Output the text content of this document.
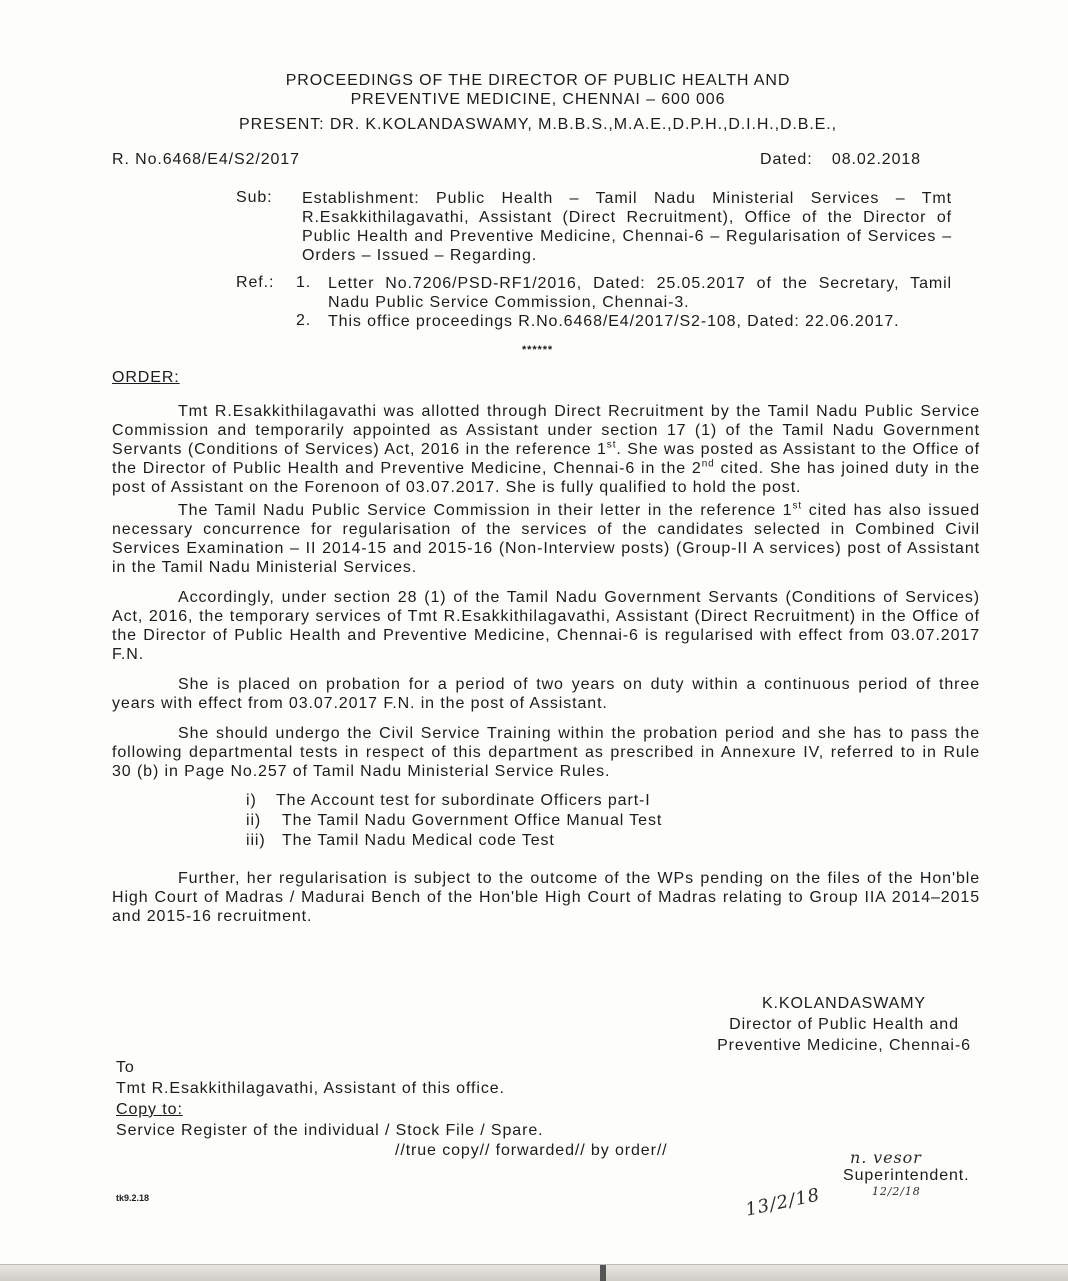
PROCEEDINGS OF THE DIRECTOR OF PUBLIC HEALTH AND
PREVENTIVE MEDICINE, CHENNAI – 600 006
PRESENT: DR. K.KOLANDASWAMY, M.B.B.S.,M.A.E.,D.P.H.,D.I.H.,D.B.E.,
R. No.6468/E4/S2/2017	Dated: 08.02.2018
Sub:	Establishment: Public Health – Tamil Nadu Ministerial Services – Tmt R.Esakkithilagavathi, Assistant (Direct Recruitment), Office of the Director of Public Health and Preventive Medicine, Chennai-6 – Regularisation of Services – Orders – Issued – Regarding.
Ref.:	1.	Letter No.7206/PSD-RF1/2016, Dated: 25.05.2017 of the Secretary, Tamil Nadu Public Service Commission, Chennai-3.
2.	This office proceedings R.No.6468/E4/2017/S2-108, Dated: 22.06.2017.
******
ORDER:
Tmt R.Esakkithilagavathi was allotted through Direct Recruitment by the Tamil Nadu Public Service Commission and temporarily appointed as Assistant under section 17 (1) of the Tamil Nadu Government Servants (Conditions of Services) Act, 2016 in the reference 1st. She was posted as Assistant to the Office of the Director of Public Health and Preventive Medicine, Chennai-6 in the 2nd cited. She has joined duty in the post of Assistant on the Forenoon of 03.07.2017. She is fully qualified to hold the post.
The Tamil Nadu Public Service Commission in their letter in the reference 1st cited has also issued necessary concurrence for regularisation of the services of the candidates selected in Combined Civil Services Examination – II 2014-15 and 2015-16 (Non-Interview posts) (Group-II A services) post of Assistant in the Tamil Nadu Ministerial Services.
Accordingly, under section 28 (1) of the Tamil Nadu Government Servants (Conditions of Services) Act, 2016, the temporary services of Tmt R.Esakkithilagavathi, Assistant (Direct Recruitment) in the Office of the Director of Public Health and Preventive Medicine, Chennai-6 is regularised with effect from 03.07.2017 F.N.
She is placed on probation for a period of two years on duty within a continuous period of three years with effect from 03.07.2017 F.N. in the post of Assistant.
She should undergo the Civil Service Training within the probation period and she has to pass the following departmental tests in respect of this department as prescribed in Annexure IV, referred to in Rule 30 (b) in Page No.257 of Tamil Nadu Ministerial Service Rules.
i)	The Account test for subordinate Officers part-I
ii)	The Tamil Nadu Government Office Manual Test
iii)	The Tamil Nadu Medical code Test
Further, her regularisation is subject to the outcome of the WPs pending on the files of the Hon'ble High Court of Madras / Madurai Bench of the Hon'ble High Court of Madras relating to Group IIA 2014–2015 and 2015-16 recruitment.
K.KOLANDASWAMY
Director of Public Health and
Preventive Medicine, Chennai-6
To
Tmt R.Esakkithilagavathi, Assistant of this office.
Copy to:
Service Register of the individual / Stock File / Spare.
//true copy// forwarded// by order//	n. vesor
Superintendent.
12/2/18
13/2/18
tk9.2.18
